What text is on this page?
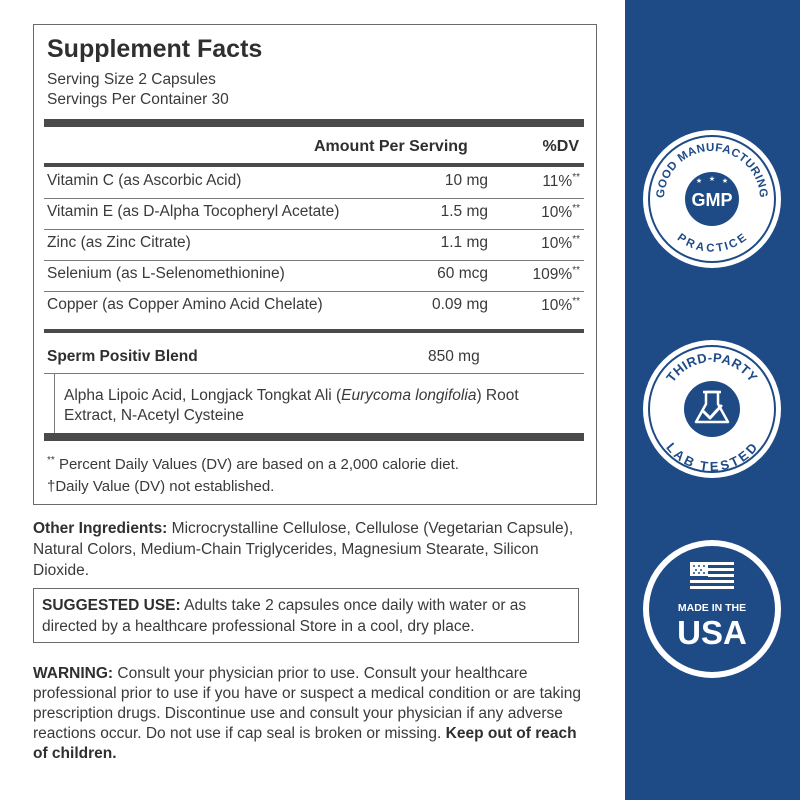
Supplement Facts
Serving Size 2 Capsules
Servings Per Container 30
Amount Per Serving	%DV
Vitamin C (as Ascorbic Acid)	10 mg	11%**
Vitamin E (as D-Alpha Tocopheryl Acetate)	1.5 mg	10%**
Zinc (as Zinc Citrate)	1.1 mg	10%**
Selenium (as L-Selenomethionine)	60 mcg	109%**
Copper (as Copper Amino Acid Chelate)	0.09 mg	10%**
Sperm Positiv Blend	850 mg
Alpha Lipoic Acid, Longjack Tongkat Ali (Eurycoma longifolia) Root Extract, N-Acetyl Cysteine
** Percent Daily Values (DV) are based on a 2,000 calorie diet.
†Daily Value (DV) not established.
Other Ingredients: Microcrystalline Cellulose, Cellulose (Vegetarian Capsule), Natural Colors, Medium-Chain Triglycerides, Magnesium Stearate, Silicon Dioxide.
SUGGESTED USE: Adults take 2 capsules once daily with water or as directed by a healthcare professional Store in a cool, dry place.
WARNING: Consult your physician prior to use. Consult your healthcare professional prior to use if you have or suspect a medical condition or are taking prescription drugs. Discontinue use and consult your physician if any adverse reactions occur. Do not use if cap seal is broken or missing. Keep out of reach of children.
GOOD MANUFACTURING
PRACTICE
★ ★ ★
GMP
THIRD-PARTY
LAB TESTED
MADE IN THE
USA
